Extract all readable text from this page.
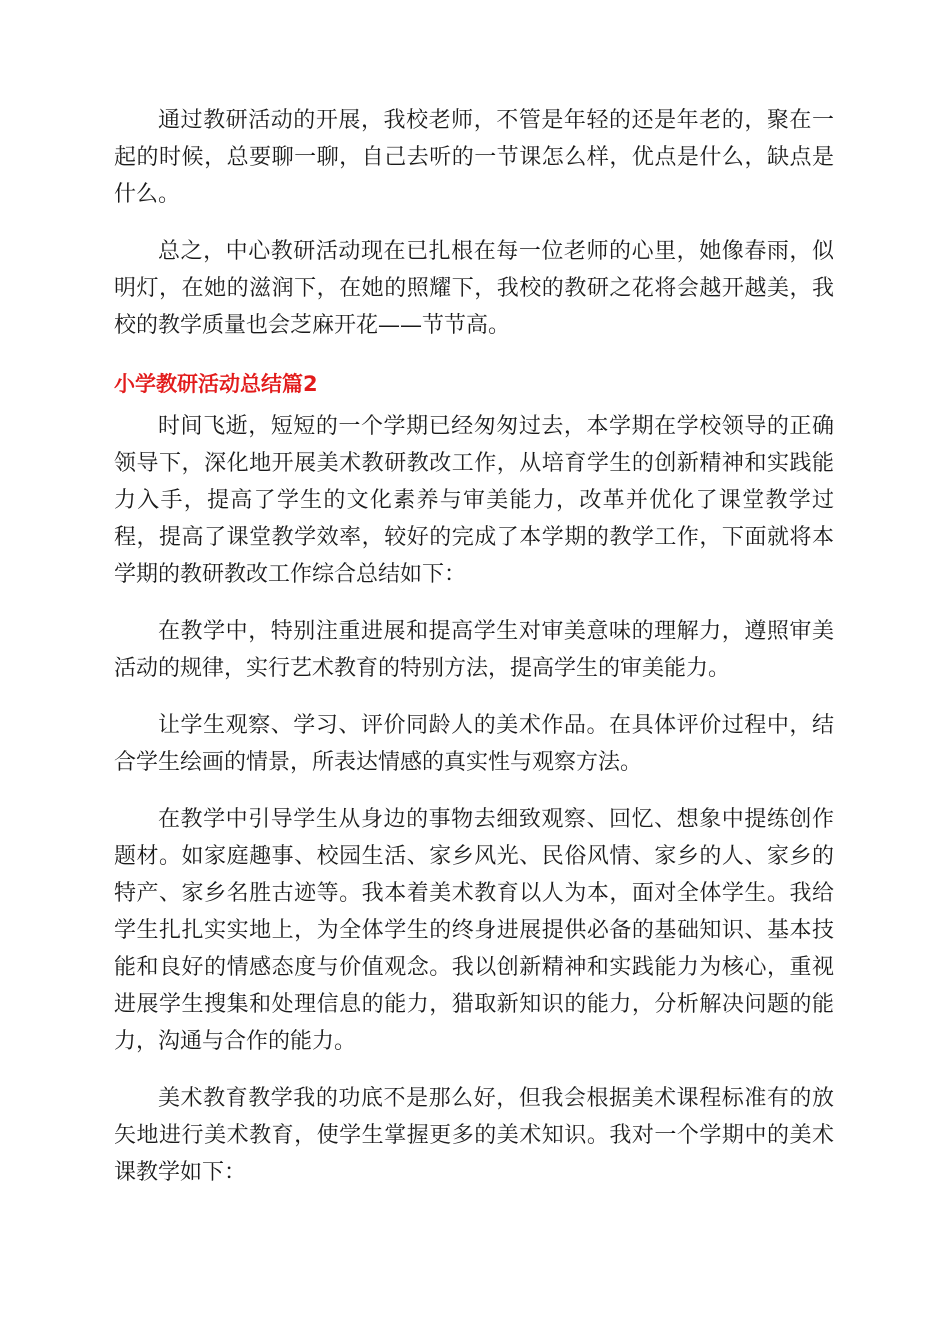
通过教研活动的开展，我校老师，不管是年轻的还是年老的，聚在一起的时候，总要聊一聊，自己去听的一节课怎么样，优点是什么，缺点是什么。

总之，中心教研活动现在已扎根在每一位老师的心里，她像春雨，似明灯，在她的滋润下，在她的照耀下，我校的教研之花将会越开越美，我校的教学质量也会芝麻开花——节节高。

小学教研活动总结篇2

时间飞逝，短短的一个学期已经匆匆过去，本学期在学校领导的正确领导下，深化地开展美术教研教改工作，从培育学生的创新精神和实践能力入手，提高了学生的文化素养与审美能力，改革并优化了课堂教学过程，提高了课堂教学效率，较好的完成了本学期的教学工作，下面就将本学期的教研教改工作综合总结如下：

在教学中，特别注重进展和提高学生对审美意味的理解力，遵照审美活动的规律，实行艺术教育的特别方法，提高学生的审美能力。

让学生观察、学习、评价同龄人的美术作品。在具体评价过程中，结合学生绘画的情景，所表达情感的真实性与观察方法。

在教学中引导学生从身边的事物去细致观察、回忆、想象中提练创作题材。如家庭趣事、校园生活、家乡风光、民俗风情、家乡的人、家乡的特产、家乡名胜古迹等。我本着美术教育以人为本，面对全体学生。我给学生扎扎实实地上，为全体学生的终身进展提供必备的基础知识、基本技能和良好的情感态度与价值观念。我以创新精神和实践能力为核心，重视进展学生搜集和处理信息的能力，猎取新知识的能力，分析解决问题的能力，沟通与合作的能力。

美术教育教学我的功底不是那么好，但我会根据美术课程标准有的放矢地进行美术教育，使学生掌握更多的美术知识。我对一个学期中的美术课教学如下：
